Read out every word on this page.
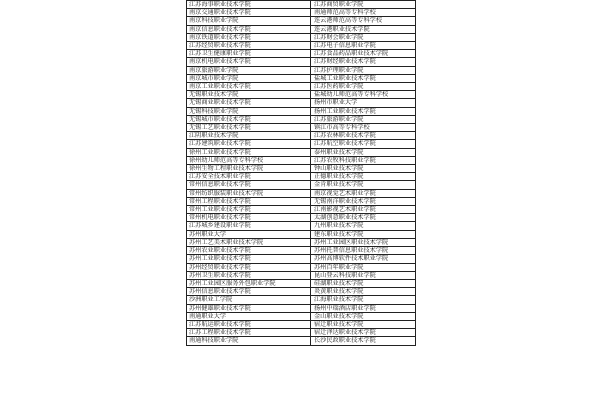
江苏海事职业技术学院	江苏商贸职业学院
南京交通职业技术学院	南通师范高等专科学校
南京科技职业学院	连云港师范高等专科学校
南京信息职业技术学院	连云港职业技术学院
南京铁道职业技术学院	江苏财会职业学院
江苏经贸职业技术学院	江苏电子信息职业学院
江苏卫生健康职业学院	江苏食品药品职业技术学院
南京机电职业技术学院	江苏财经职业技术学院
南京旅游职业学院	江苏护理职业学院
南京城市职业学院	盐城工业职业技术学院
南京工业职业技术学院	江苏医药职业学院
无锡职业技术学院	盐城幼儿师范高等专科学校
无锡商业职业技术学院	扬州市职业大学
无锡科技职业学院	扬州工业职业技术学院
无锡城市职业技术学院	江苏旅游职业学院
无锡工艺职业技术学院	镇江市高等专科学校
江阴职业技术学院	江苏农林职业技术学院
江苏建筑职业技术学院	江苏航空职业技术学院
徐州工业职业技术学院	泰州职业技术学院
徐州幼儿师范高等专科学校	江苏农牧科技职业学院
徐州生物工程职业技术学院	钟山职业技术学院
江苏安全技术职业学院	正德职业技术学院
常州信息职业技术学院	金肯职业技术学院
常州纺织服装职业技术学院	南京视觉艺术职业学院
常州工程职业技术学院	无锡南洋职业技术学院
常州工业职业技术学院	江南影视艺术职业学院
常州机电职业技术学院	太湖创意职业技术学院
江苏城乡建设职业学院	九州职业技术学院
苏州职业大学	建东职业技术学院
苏州工艺美术职业技术学院	苏州工业园区职业技术学院
苏州农业职业技术学院	苏州托普信息职业技术学院
苏州工业职业技术学院	苏州高博软件技术职业学院
苏州经贸职业技术学院	苏州百年职业学院
苏州卫生职业技术学院	昆山登云科技职业学院
苏州工业园区服务外包职业学院	硅湖职业技术学院
苏州信息职业技术学院	炎黄职业技术学院
沙洲职业工学院	江海职业技术学院
苏州健雄职业技术学院	扬州中瑞酒店职业学院
南通职业大学	金山职业技术学院
江苏航运职业技术学院	宿迁职业技术学院
江苏工程职业技术学院	宿迁泽达职业技术学院
南通科技职业学院	长沙民政职业技术学院
